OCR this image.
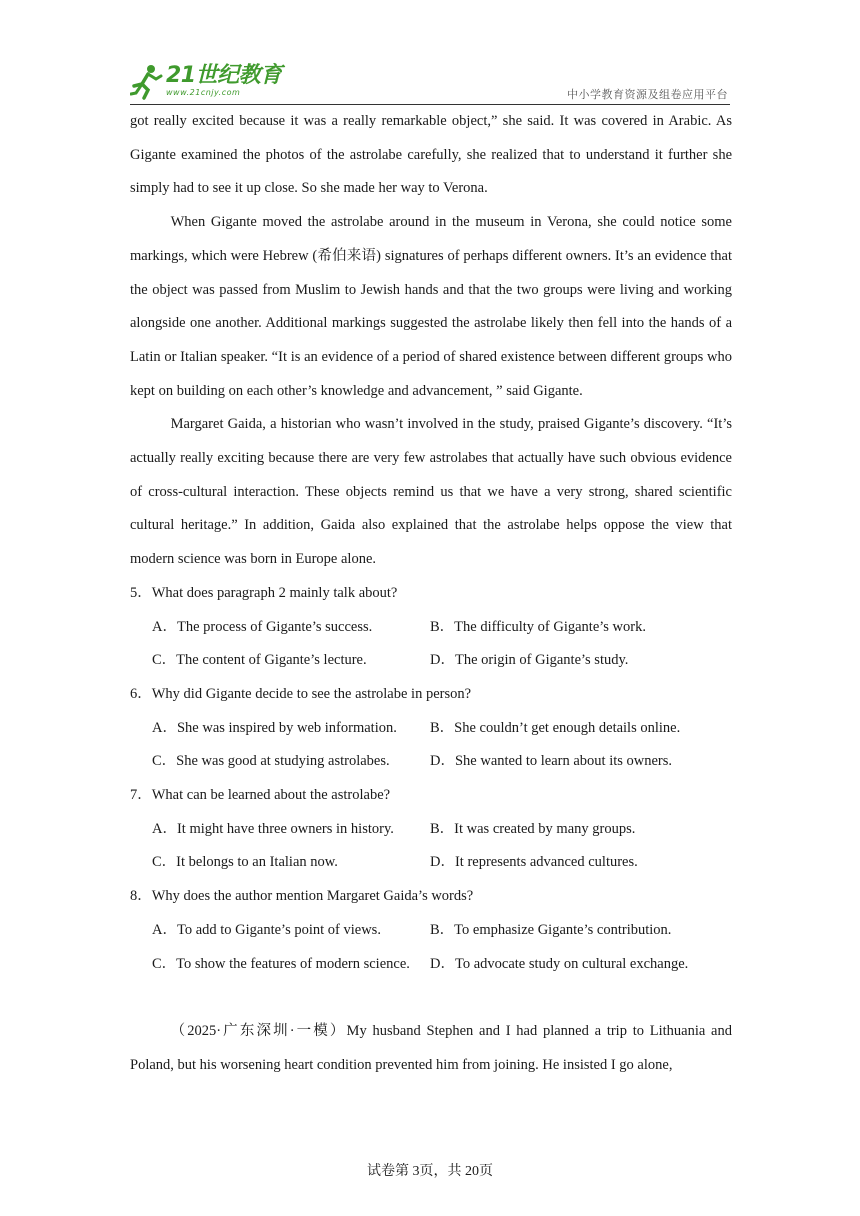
21世纪教育
www.21cnjy.com	中小学教育资源及组卷应用平台

got really excited because it was a really remarkable object,” she said. It was covered in Arabic. As Gigante examined the photos of the astrolabe carefully, she realized that to understand it further she simply had to see it up close. So she made her way to Verona.

When Gigante moved the astrolabe around in the museum in Verona, she could notice some markings, which were Hebrew (希伯来语) signatures of perhaps different owners. It’s an evidence that the object was passed from Muslim to Jewish hands and that the two groups were living and working alongside one another. Additional markings suggested the astrolabe likely then fell into the hands of a Latin or Italian speaker. “It is an evidence of a period of shared existence between different groups who kept on building on each other’s knowledge and advancement, ” said Gigante.

Margaret Gaida, a historian who wasn’t involved in the study, praised Gigante’s discovery. “It’s actually really exciting because there are very few astrolabes that actually have such obvious evidence of cross-cultural interaction. These objects remind us that we have a very strong, shared scientific cultural heritage.” In addition, Gaida also explained that the astrolabe helps oppose the view that modern science was born in Europe alone.

5．What does paragraph 2 mainly talk about?

A．The process of Gigante’s success.	B．The difficulty of Gigante’s work.
C．The content of Gigante’s lecture.	D．The origin of Gigante’s study.

6．Why did Gigante decide to see the astrolabe in person?

A．She was inspired by web information.	B．She couldn’t get enough details online.
C．She was good at studying astrolabes.	D．She wanted to learn about its owners.

7．What can be learned about the astrolabe?

A．It might have three owners in history.	B．It was created by many groups.
C．It belongs to an Italian now.	D．It represents advanced cultures.

8．Why does the author mention Margaret Gaida’s words?

A．To add to Gigante’s point of views.	B．To emphasize Gigante’s contribution.
C．To show the features of modern science.	D．To advocate study on cultural exchange.

（2025·广东深圳·一模）My husband Stephen and I had planned a trip to Lithuania and Poland, but his worsening heart condition prevented him from joining. He insisted I go alone,

试卷第 3页，共 20页
